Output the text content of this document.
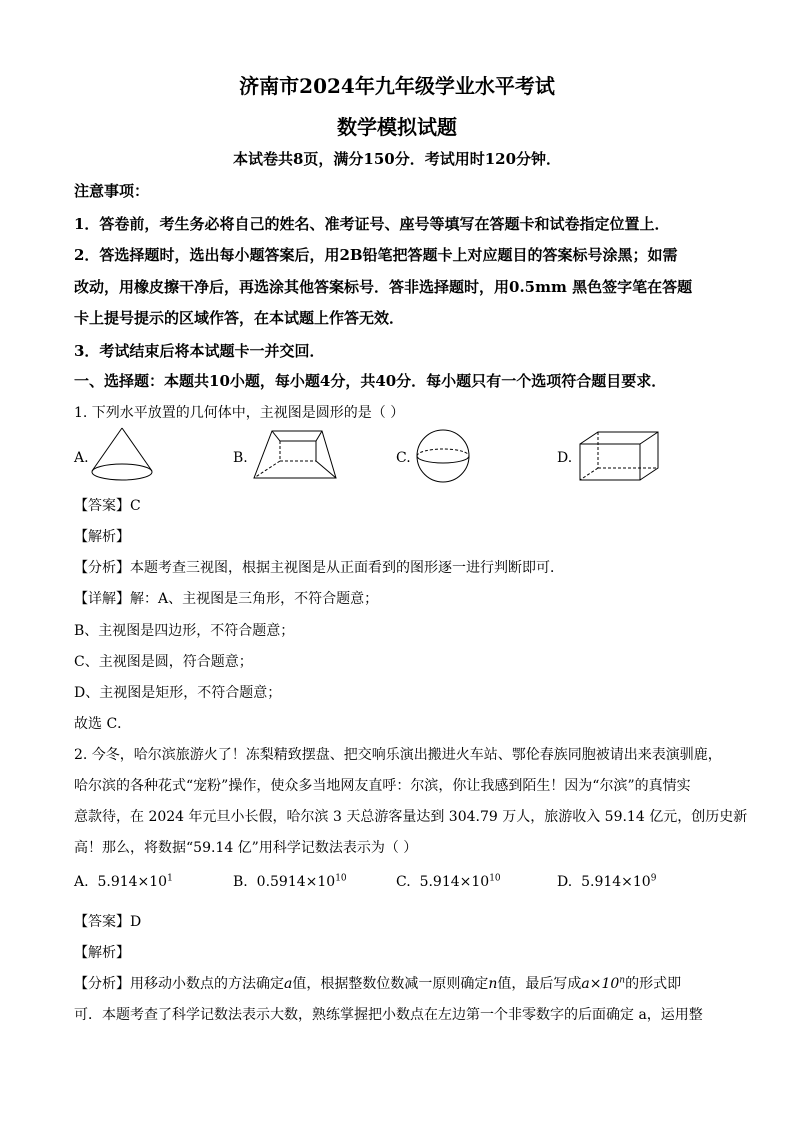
济南市2024年九年级学业水平考试
数学模拟试题
本试卷共8页，满分150分．考试用时120分钟．
注意事项：
1．答卷前，考生务必将自己的姓名、准考证号、座号等填写在答题卡和试卷指定位置上．
2．答选择题时，选出每小题答案后，用2B铅笔把答题卡上对应题目的答案标号涂黑；如需
改动，用橡皮擦干净后，再选涂其他答案标号．答非选择题时，用0.5mm 黑色签字笔在答题
卡上提号提示的区域作答，在本试题上作答无效．
3．考试结束后将本试题卡一并交回．
一、选择题：本题共10小题，每小题4分，共40分．每小题只有一个选项符合题目要求．
1. 下列水平放置的几何体中，主视图是圆形的是（ ）
A.	B.	C.	D.
【答案】C
【解析】
【分析】本题考查三视图，根据主视图是从正面看到的图形逐一进行判断即可．
【详解】解：A、主视图是三角形，不符合题意；
B、主视图是四边形，不符合题意；
C、主视图是圆，符合题意；
D、主视图是矩形，不符合题意；
故选 C．
2. 今冬，哈尔滨旅游火了！冻梨精致摆盘、把交响乐演出搬进火车站、鄂伦春族同胞被请出来表演驯鹿，
哈尔滨的各种花式“宠粉”操作，使众多当地网友直呼：尔滨，你让我感到陌生！因为“尔滨”的真情实
意款待，在 2024 年元旦小长假，哈尔滨 3 天总游客量达到 304.79 万人，旅游收入 59.14 亿元，创历史新
高！那么，将数据“59.14 亿”用科学记数法表示为（ ）
A. $5.914\times 10^1$	B. $0.5914\times 10^{10}$	C. $5.914\times 10^{10}$	D. $5.914\times 10^9$
【答案】D
【解析】
【分析】用移动小数点的方法确定a值，根据整数位数减一原则确定n值，最后写成$a\times 10^n$的形式即
可．本题考查了科学记数法表示大数，熟练掌握把小数点在左边第一个非零数字的后面确定 a，运用整
